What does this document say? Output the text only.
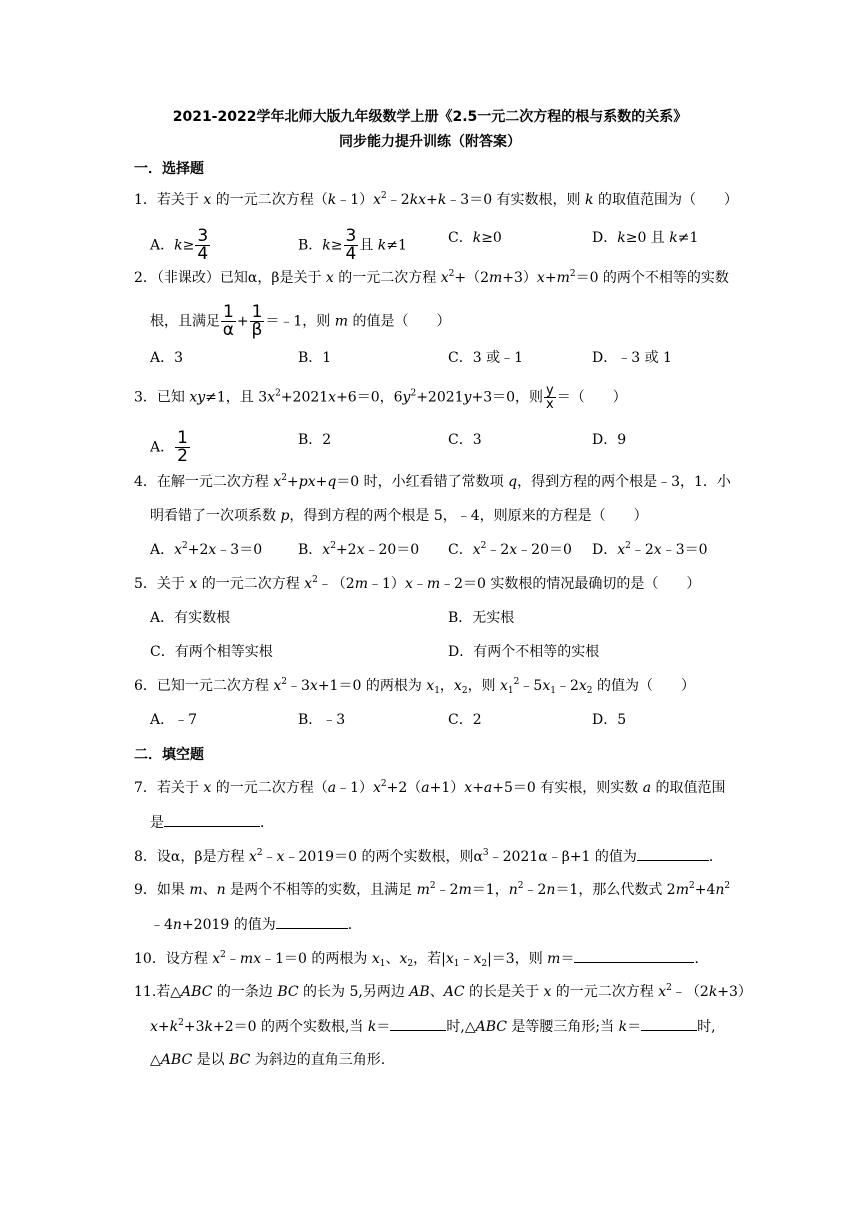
2021-2022学年北师大版九年级数学上册《2.5一元二次方程的根与系数的关系》
同步能力提升训练（附答案）
一．选择题
1．若关于 x 的一元二次方程$(k﹣1)x^2﹣2kx+k﹣3=0$ 有实数根，则 k 的取值范围为（　　）
A．$k\ge \frac{3}{4}$	B．$k\ge \frac{3}{4}$ 且 k≠1	C．k≥0	D．k≥0 且 k≠1
2．（非课改）已知α，β是关于 x 的一元二次方程 $x^2+(2m+3)x+m^2=0$ 的两个不相等的实数
根，且满足 $\frac{1}{\alpha} + \frac{1}{\beta}$ ＝﹣1，则 m 的值是（　　）
A．3	B．1	C．3 或﹣1	D．﹣3 或 1
3．已知 xy≠1，且 $3x^2+2021x+6=0$，$6y^2+2021y+3=0$，则 $\frac{y}{x}$ ＝（　　）
A． $\frac{1}{2}$	B．2	C．3	D．9
4．在解一元二次方程 $x^2+px+q=0$ 时，小红看错了常数项 q，得到方程的两个根是﹣3，1．小
明看错了一次项系数 p，得到方程的两个根是 5，﹣4，则原来的方程是（　　）
A．$x^2+2x﹣3=0$	B．$x^2+2x﹣20=0$ C．$x^2﹣2x﹣20=0$ D．$x^2﹣2x﹣3=0$
5．关于 x 的一元二次方程 $x^2﹣(2m﹣1)x﹣m﹣2=0$ 实数根的情况最确切的是（　　）
A．有实数根	B．无实根
C．有两个相等实根	D．有两个不相等的实根
6．已知一元二次方程 $x^2﹣3x+1=0$ 的两根为 $x_1$，$x_2$，则 $x_1^2﹣5x_1﹣2x_2$ 的值为（　　）
A．﹣7	B．﹣3	C．2	D．5
二．填空题
7．若关于 x 的一元二次方程$(a﹣1)x^2+2(a+1)x+a+5=0$ 有实根，则实数 a 的取值范围
是	．
8．设α，β是方程 $x^2﹣x﹣2019=0$ 的两个实数根，则$\alpha^3﹣2021\alpha﹣\beta+1$ 的值为	．
9．如果 m、n 是两个不相等的实数，且满足 $m^2﹣2m=1$，$n^2﹣2n=1$，那么代数式 $2m^2+4n^2$
﹣4n+2019 的值为	．
10．设方程 $x^2﹣mx﹣1=0$ 的两根为 $x_1$、$x_2$，若$|x_1﹣x_2|=3$，则 m＝	．
11.若△ABC 的一条边 BC 的长为 5,另两边 AB、AC 的长是关于 x 的一元二次方程 $x^2﹣(2k+3)$
$x+k^2+3k+2=0$ 的两个实数根,当 k＝	时,△ABC 是等腰三角形;当 k＝	时,
△ABC 是以 BC 为斜边的直角三角形.
